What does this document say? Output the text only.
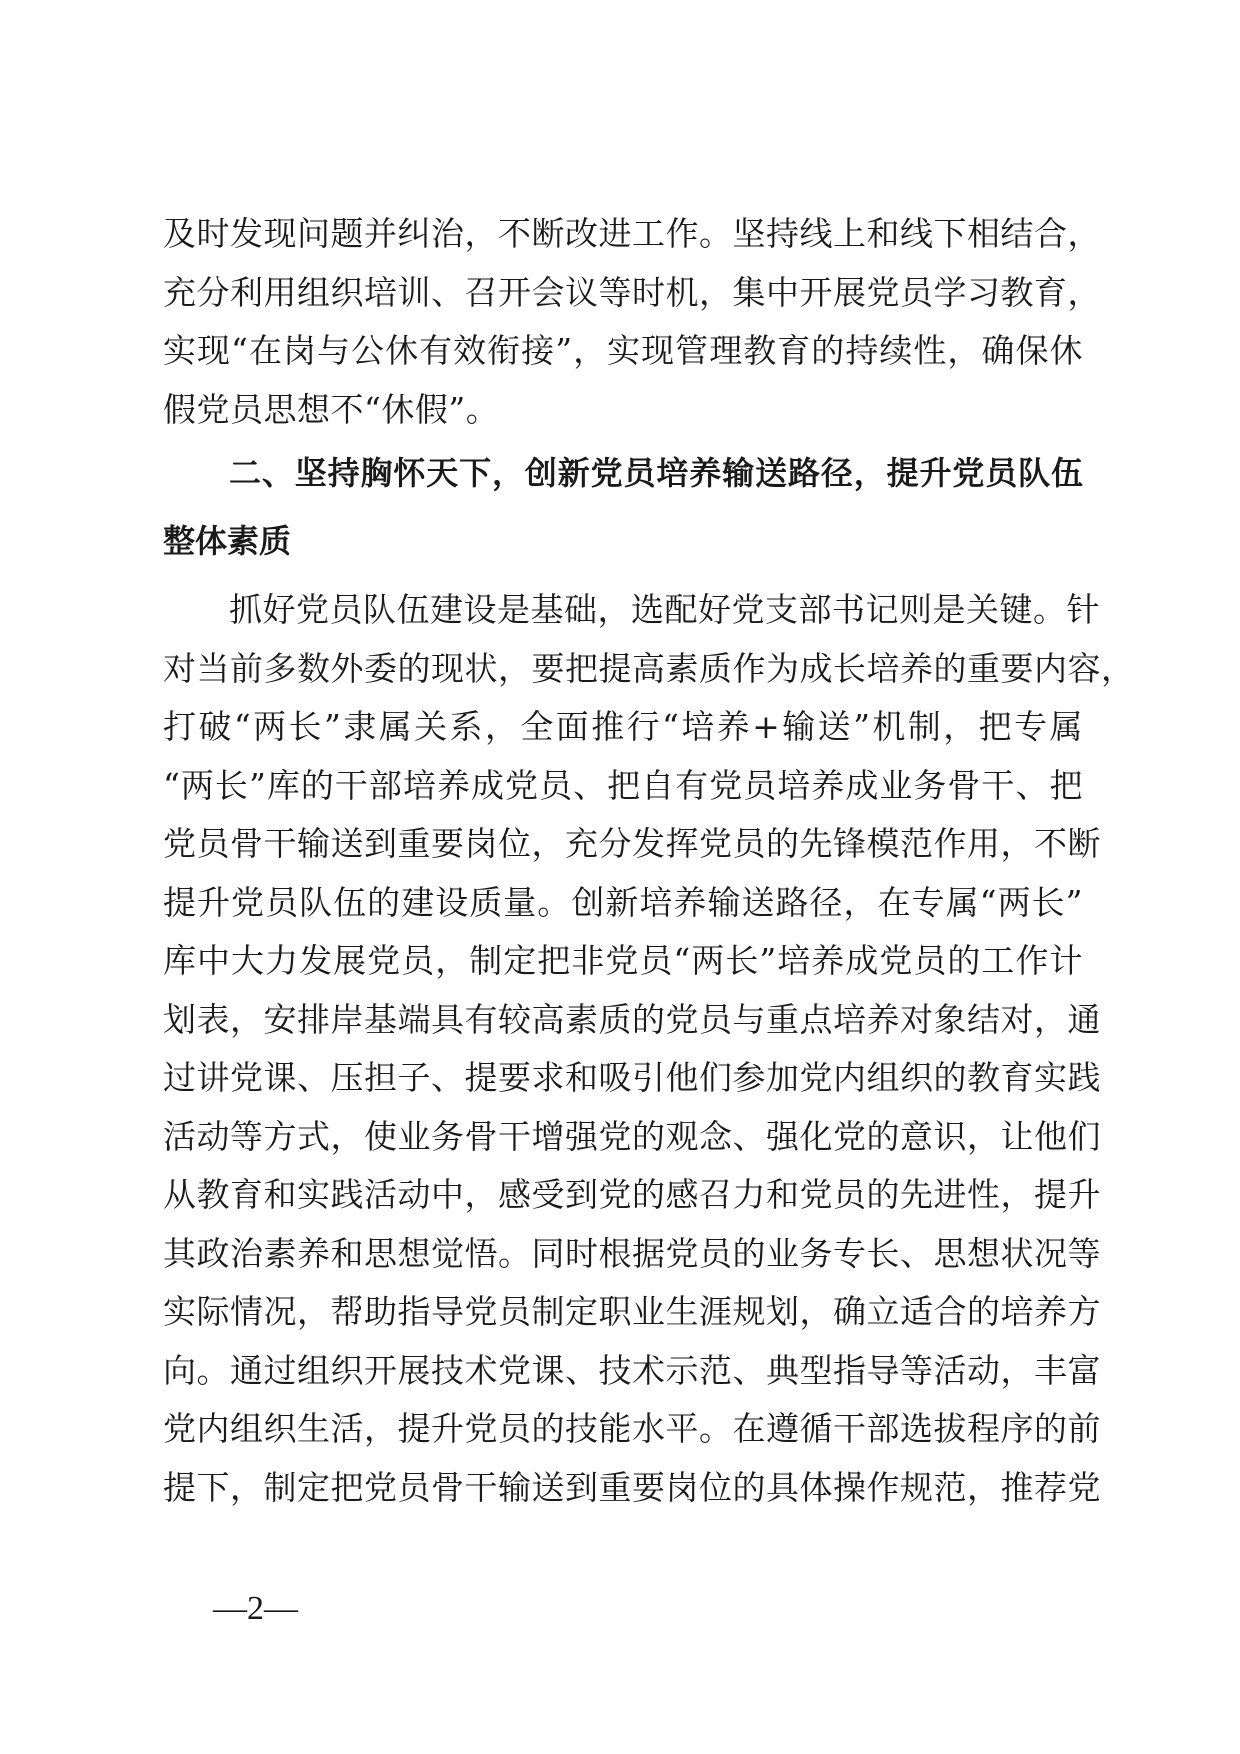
及时发现问题并纠治，不断改进工作。坚持线上和线下相结合，
充分利用组织培训、召开会议等时机，集中开展党员学习教育，
实现“在岗与公休有效衔接”，实现管理教育的持续性，确保休
假党员思想不“休假”。
二、坚持胸怀天下，创新党员培养输送路径，提升党员队伍
整体素质
抓好党员队伍建设是基础，选配好党支部书记则是关键。针
对当前多数外委的现状，要把提高素质作为成长培养的重要内容，
打破“两长”隶属关系，全面推行“培养+输送”机制，把专属
“两长”库的干部培养成党员、把自有党员培养成业务骨干、把
党员骨干输送到重要岗位，充分发挥党员的先锋模范作用，不断
提升党员队伍的建设质量。创新培养输送路径，在专属“两长”
库中大力发展党员，制定把非党员“两长”培养成党员的工作计
划表，安排岸基端具有较高素质的党员与重点培养对象结对，通
过讲党课、压担子、提要求和吸引他们参加党内组织的教育实践
活动等方式，使业务骨干增强党的观念、强化党的意识，让他们
从教育和实践活动中，感受到党的感召力和党员的先进性，提升
其政治素养和思想觉悟。同时根据党员的业务专长、思想状况等
实际情况，帮助指导党员制定职业生涯规划，确立适合的培养方
向。通过组织开展技术党课、技术示范、典型指导等活动，丰富
党内组织生活，提升党员的技能水平。在遵循干部选拔程序的前
提下，制定把党员骨干输送到重要岗位的具体操作规范，推荐党
—2—
